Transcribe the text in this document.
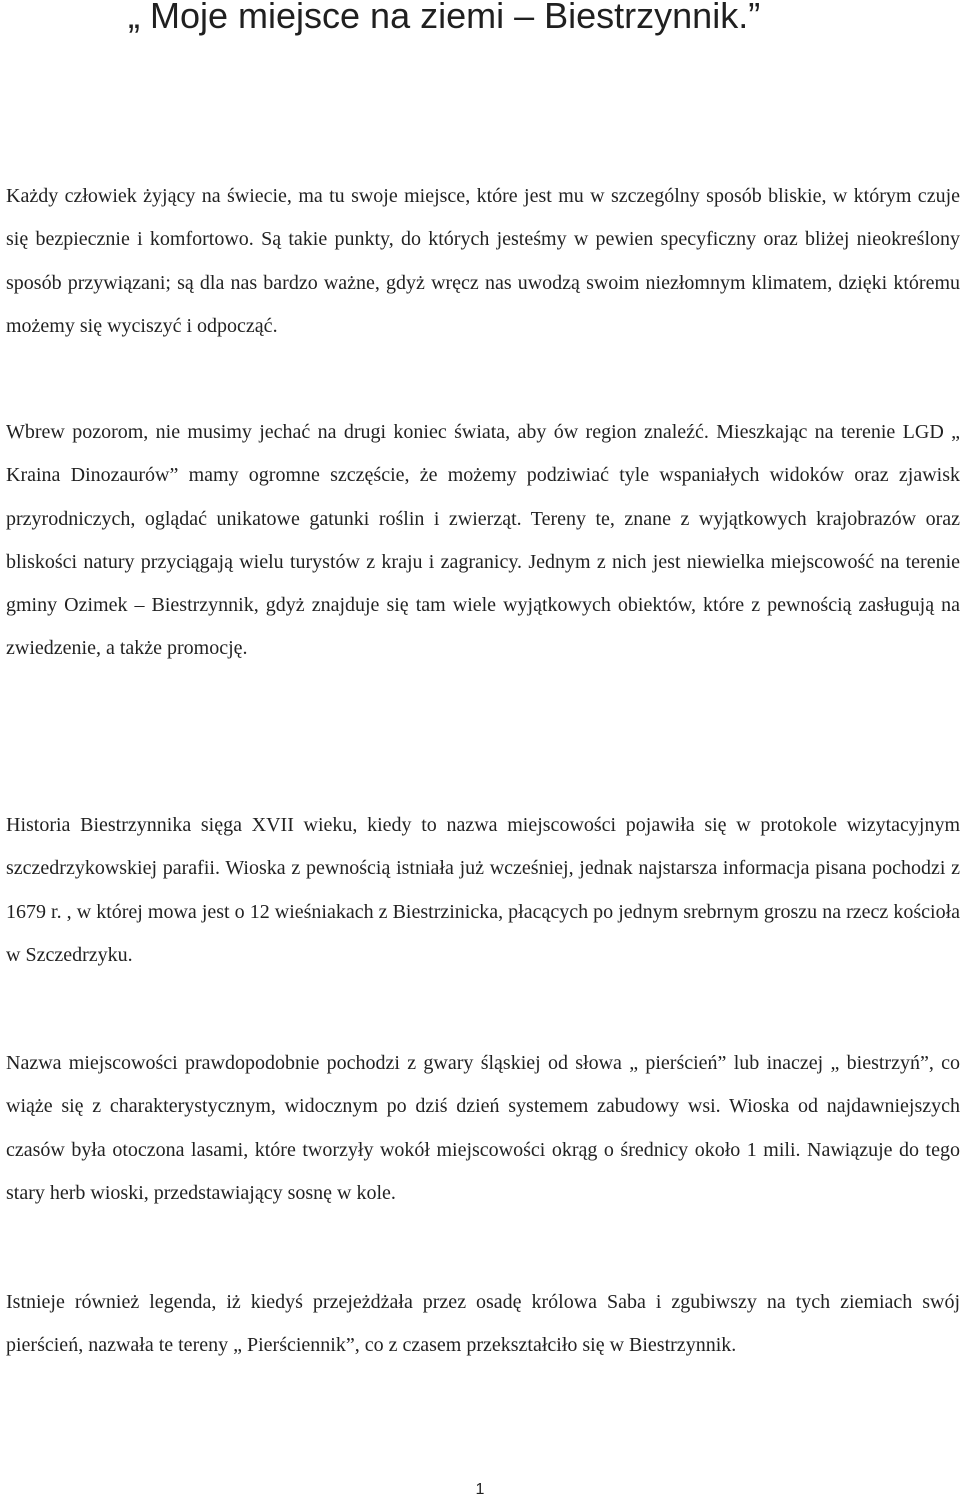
„ Moje miejsce na ziemi – Biestrzynnik.”

Każdy człowiek żyjący na świecie, ma tu swoje miejsce, które jest mu w szczególny sposób bliskie, w którym czuje się bezpiecznie i komfortowo. Są takie punkty, do których jesteśmy w pewien specyficzny oraz bliżej nieokreślony sposób przywiązani; są dla nas bardzo ważne, gdyż wręcz nas uwodzą swoim niezłomnym klimatem, dzięki któremu możemy się wyciszyć i odpocząć.

Wbrew pozorom, nie musimy jechać na drugi koniec świata, aby ów region znaleźć. Mieszkając na terenie LGD „ Kraina Dinozaurów” mamy ogromne szczęście, że możemy podziwiać tyle wspaniałych widoków oraz zjawisk przyrodniczych, oglądać unikatowe gatunki roślin i zwierząt. Tereny te, znane z wyjątkowych krajobrazów oraz bliskości natury przyciągają wielu turystów z kraju i zagranicy. Jednym z nich jest niewielka miejscowość na terenie gminy Ozimek – Biestrzynnik, gdyż znajduje się tam wiele wyjątkowych obiektów, które z pewnością zasługują na zwiedzenie, a także promocję.

Historia Biestrzynnika sięga XVII wieku, kiedy to nazwa miejscowości pojawiła się w protokole wizytacyjnym szczedrzykowskiej parafii. Wioska z pewnością istniała już wcześniej, jednak najstarsza informacja pisana pochodzi z 1679 r. , w której mowa jest o 12 wieśniakach z Biestrzinicka, płacących po jednym srebrnym groszu na rzecz kościoła w Szczedrzyku.

Nazwa miejscowości prawdopodobnie pochodzi z gwary śląskiej od słowa „ pierścień” lub inaczej „ biestrzyń”, co wiąże się z charakterystycznym, widocznym po dziś dzień systemem zabudowy wsi. Wioska od najdawniejszych czasów była otoczona lasami, które tworzyły wokół miejscowości okrąg o średnicy około 1 mili. Nawiązuje do tego stary herb wioski, przedstawiający sosnę w kole.

Istnieje również legenda, iż kiedyś przejeżdżała przez osadę królowa Saba i zgubiwszy na tych ziemiach swój pierścień, nazwała te tereny „ Pierściennik”, co z czasem przekształciło się w Biestrzynnik.

1
